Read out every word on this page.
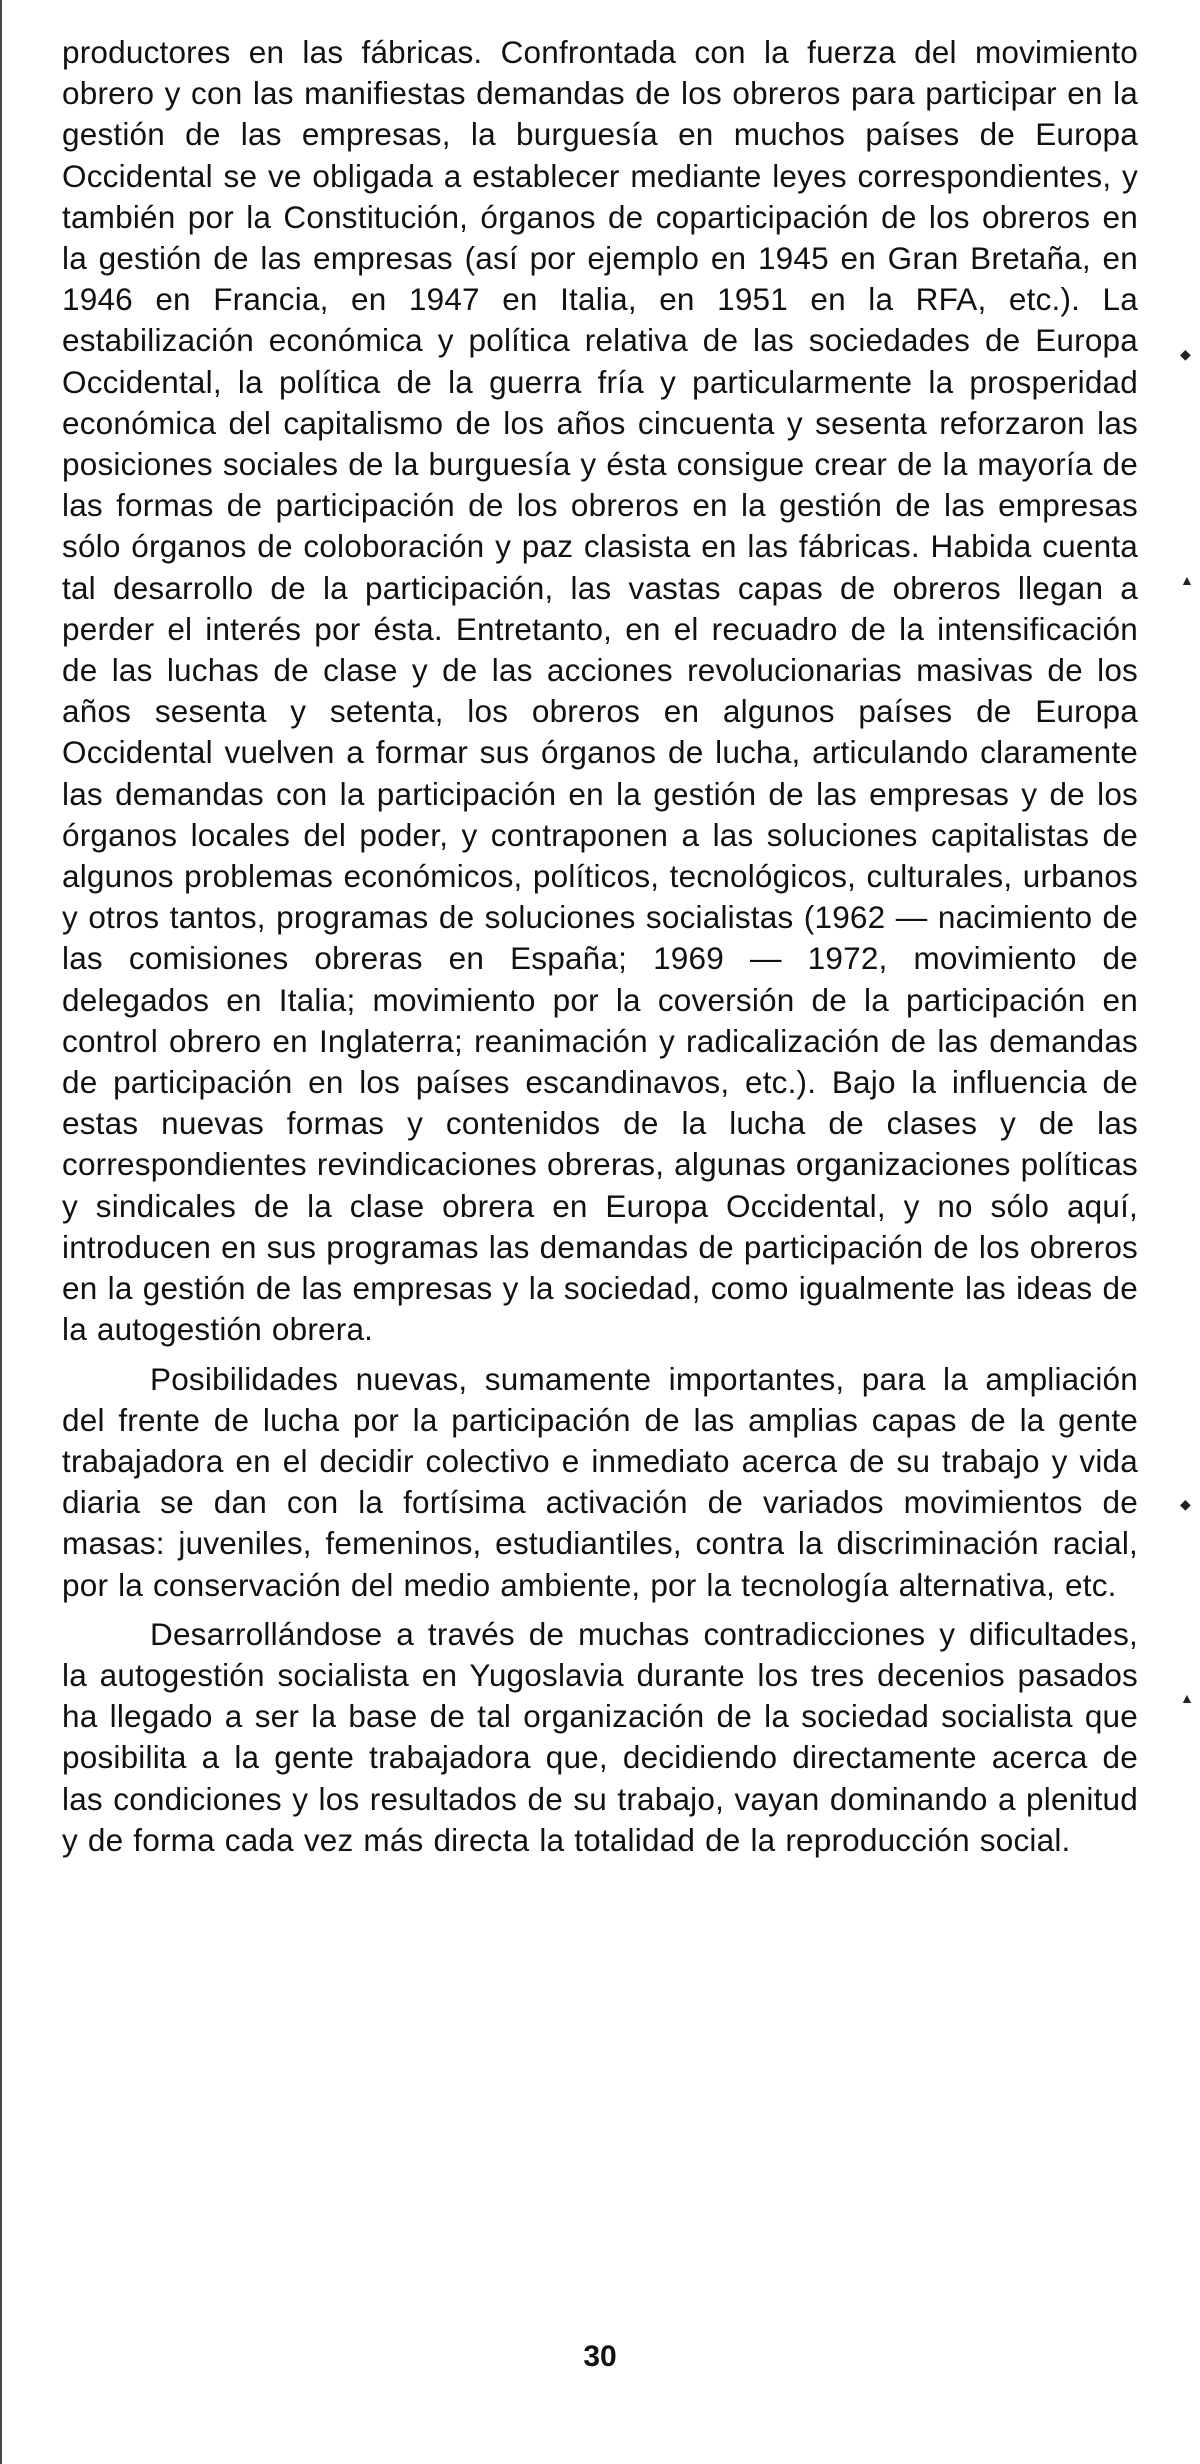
productores en las fábricas. Confrontada con la fuerza del movimiento obrero y con las manifiestas demandas de los obreros para participar en la gestión de las empresas, la burguesía en muchos países de Europa Occidental se ve obligada a establecer mediante leyes correspondientes, y también por la Constitución, órganos de coparticipación de los obreros en la gestión de las empresas (así por ejemplo en 1945 en Gran Bretaña, en 1946 en Francia, en 1947 en Italia, en 1951 en la RFA, etc.). La estabilización económica y política relativa de las sociedades de Europa Occidental, la política de la guerra fría y particularmente la prosperidad económica del capitalismo de los años cincuenta y sesenta reforzaron las posiciones sociales de la burguesía y ésta consigue crear de la mayoría de las formas de participación de los obreros en la gestión de las empresas sólo órganos de coloboración y paz clasista en las fábricas. Habida cuenta tal desarrollo de la participación, las vastas capas de obreros llegan a perder el interés por ésta. Entretanto, en el recuadro de la intensificación de las luchas de clase y de las acciones revolucionarias masivas de los años sesenta y setenta, los obreros en algunos países de Europa Occidental vuelven a formar sus órganos de lucha, articulando claramente las demandas con la participación en la gestión de las empresas y de los órganos locales del poder, y contraponen a las soluciones capitalistas de algunos problemas económicos, políticos, tecnológicos, culturales, urbanos y otros tantos, programas de soluciones socialistas (1962 — nacimiento de las comisiones obreras en España; 1969 — 1972, movimiento de delegados en Italia; movimiento por la coversión de la participación en control obrero en Inglaterra; reanimación y radicalización de las demandas de participación en los países escandinavos, etc.). Bajo la influencia de estas nuevas formas y contenidos de la lucha de clases y de las correspondientes revindicaciones obreras, algunas organizaciones políticas y sindicales de la clase obrera en Europa Occidental, y no sólo aquí, introducen en sus programas las demandas de participación de los obreros en la gestión de las empresas y la sociedad, como igualmente las ideas de la autogestión obrera.

Posibilidades nuevas, sumamente importantes, para la ampliación del frente de lucha por la participación de las amplias capas de la gente trabajadora en el decidir colectivo e inmediato acerca de su trabajo y vida diaria se dan con la fortísima activación de variados movimientos de masas: juveniles, femeninos, estudiantiles, contra la discriminación racial, por la conservación del medio ambiente, por la tecnología alternativa, etc.

Desarrollándose a través de muchas contradicciones y dificultades, la autogestión socialista en Yugoslavia durante los tres decenios pasados ha llegado a ser la base de tal organización de la sociedad socialista que posibilita a la gente trabajadora que, decidiendo directamente acerca de las condiciones y los resultados de su trabajo, vayan dominando a plenitud y de forma cada vez más directa la totalidad de la reproducción social.

◆
▲
◆
▲
30
